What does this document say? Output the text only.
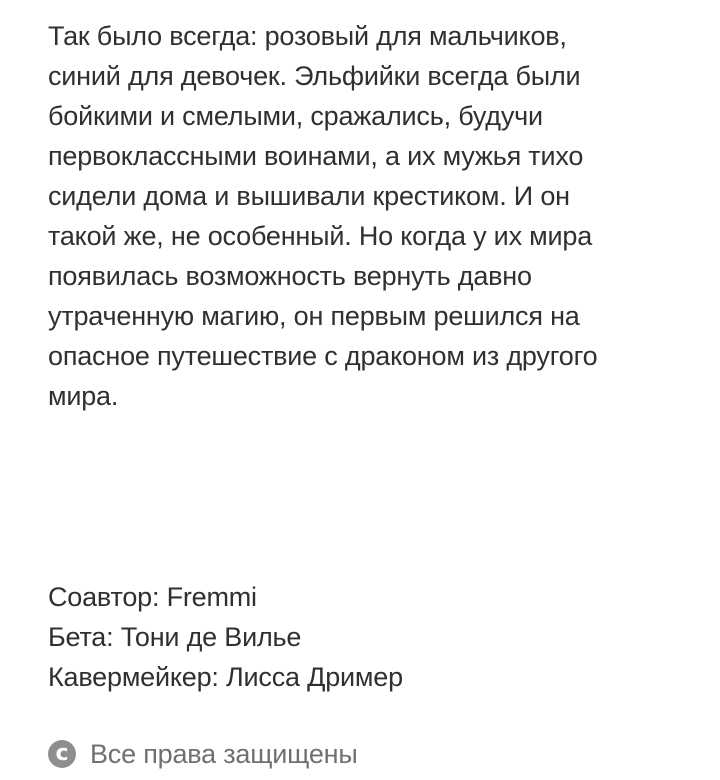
Так было всегда: розовый для мальчиков,
синий для девочек. Эльфийки всегда были
бойкими и смелыми, сражались, будучи
первоклассными воинами, а их мужья тихо
сидели дома и вышивали крестиком. И он
такой же, не особенный. Но когда у их мира
появилась возможность вернуть давно
утраченную магию, он первым решился на
опасное путешествие с драконом из другого
мира.
Соавтор: Fremmi
Бета: Тони де Вилье
Кавермейкер: Лисса Дример
c Все права защищены
